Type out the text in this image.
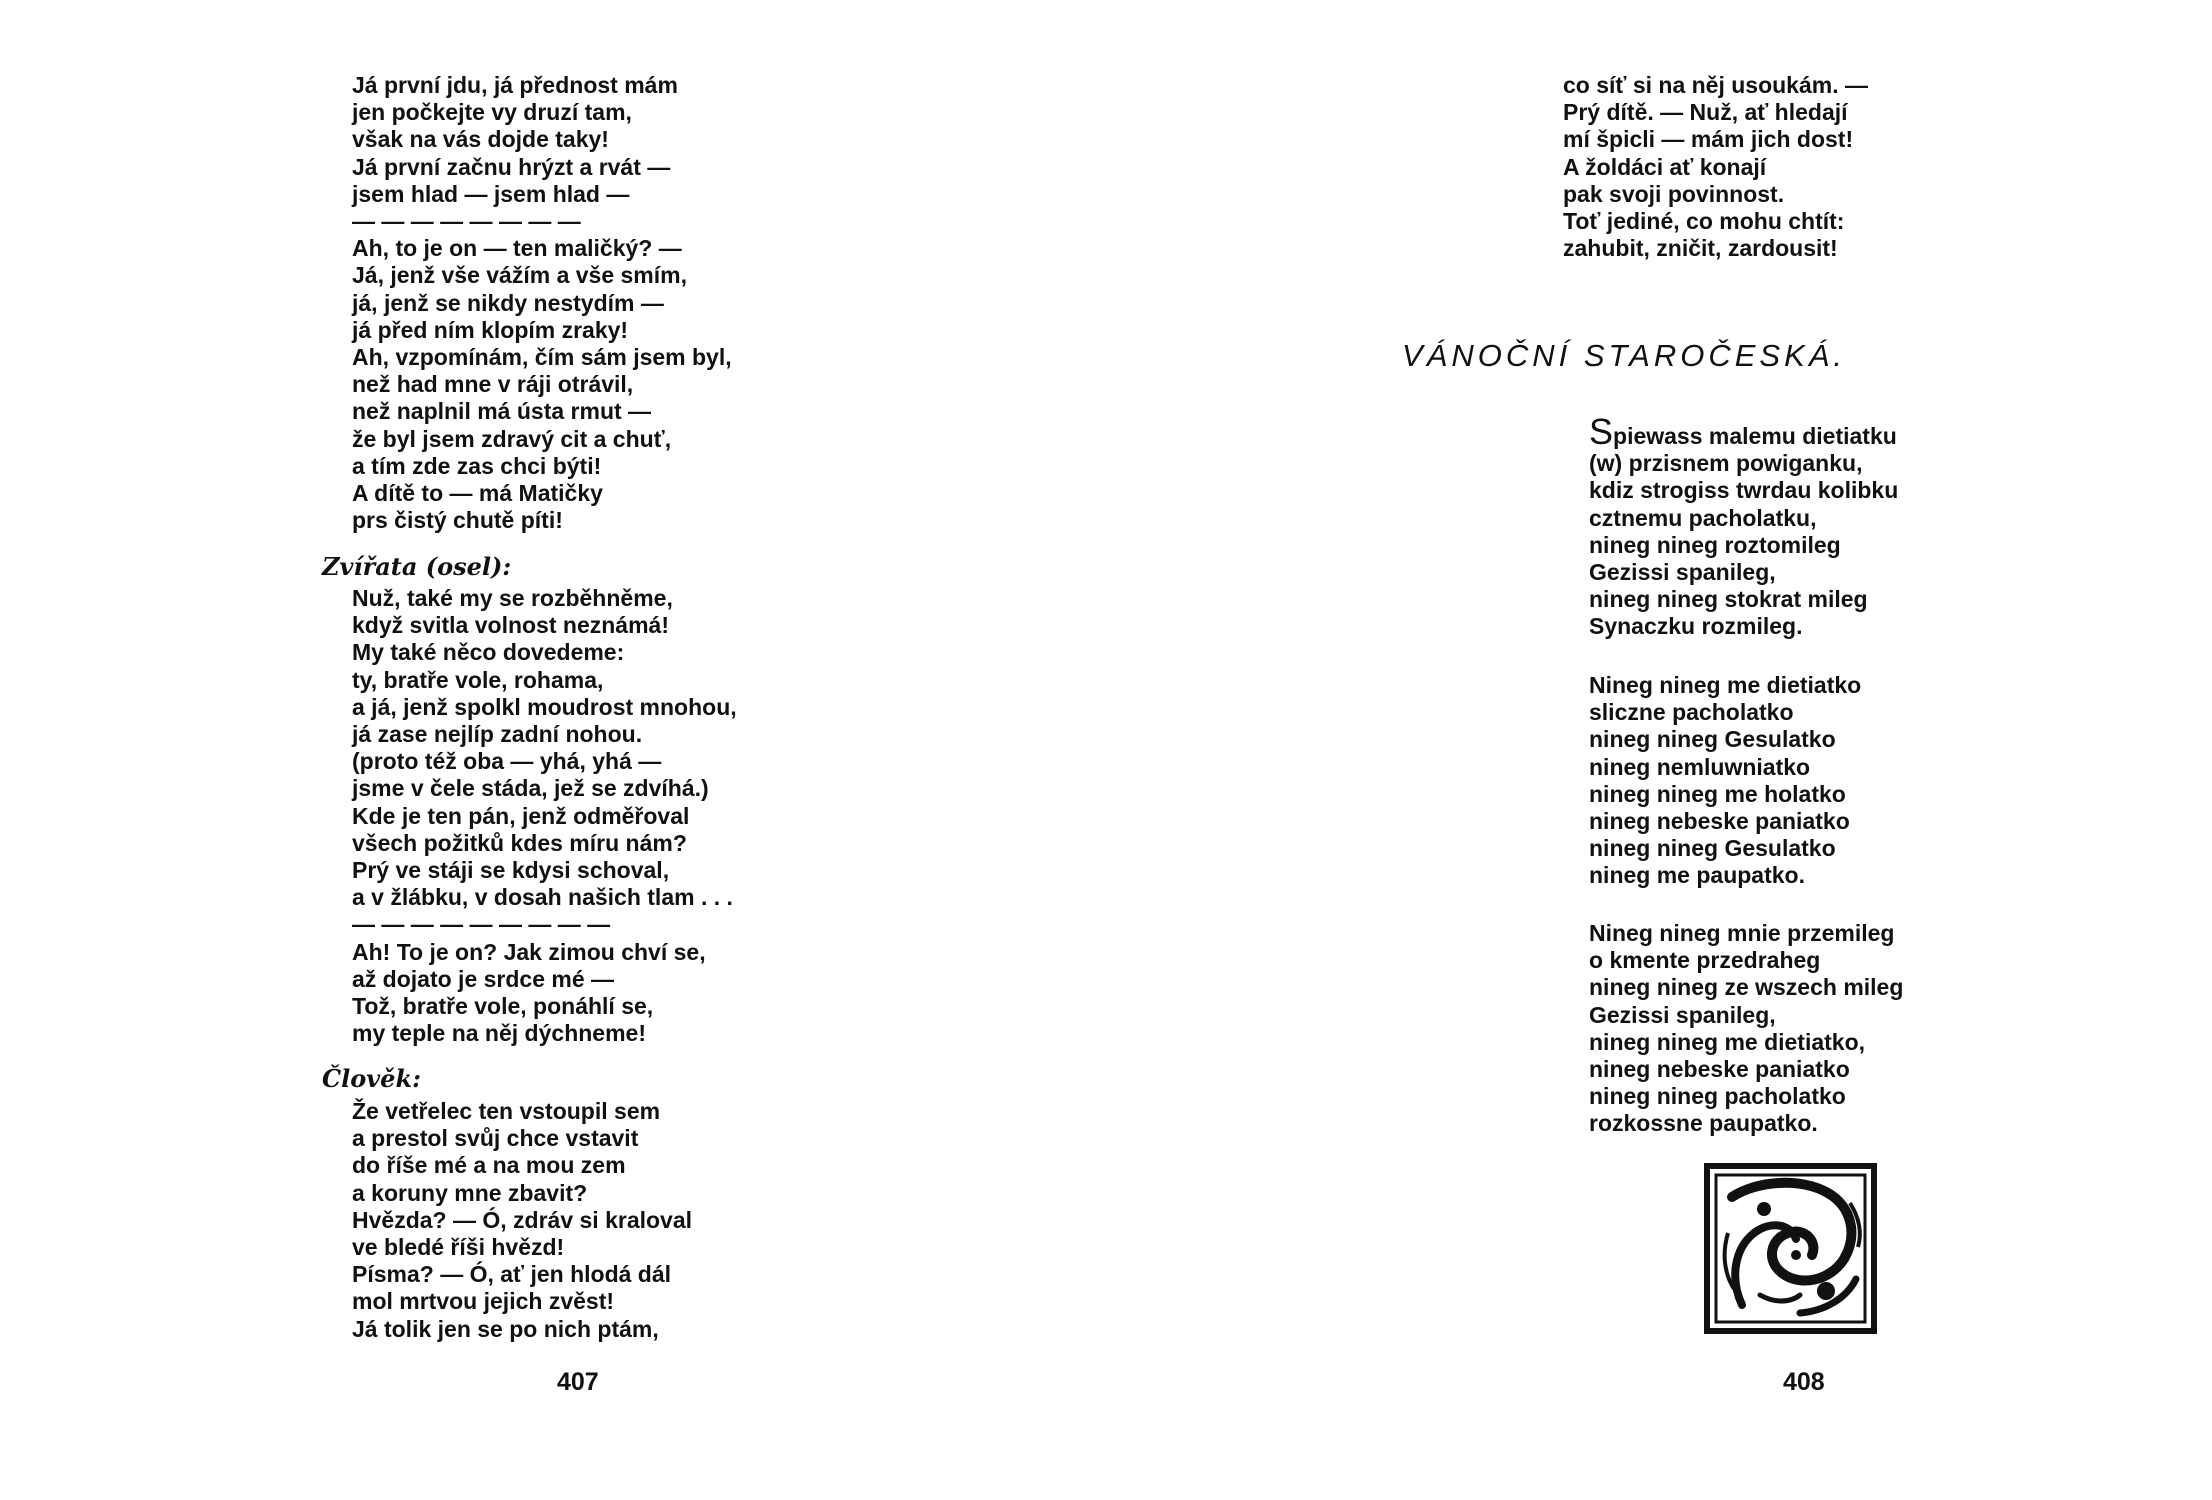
Já první jdu, já přednost mám
jen počkejte vy druzí tam,
však na vás dojde taky!
Já první začnu hrýzt a rvát —
jsem hlad — jsem hlad —
— — — — — — — —
Ah, to je on — ten maličký? —
Já, jenž vše vážím a vše smím,
já, jenž se nikdy nestydím —
já před ním klopím zraky!
Ah, vzpomínám, čím sám jsem byl,
než had mne v ráji otrávil,
než naplnil má ústa rmut —
že byl jsem zdravý cit a chuť,
a tím zde zas chci býti!
A dítě to — má Matičky
prs čistý chutě píti!
Zvířata (osel):
Nuž, také my se rozběhněme,
když svitla volnost neznámá!
My také něco dovedeme:
ty, bratře vole, rohama,
a já, jenž spolkl moudrost mnohou,
já zase nejlíp zadní nohou.
(proto též oba — yhá, yhá —
jsme v čele stáda, jež se zdvíhá.)
Kde je ten pán, jenž odměřoval
všech požitků kdes míru nám?
Prý ve stáji se kdysi schoval,
a v žlábku, v dosah našich tlam . . .
— — — — — — — — —
Ah! To je on? Jak zimou chví se,
až dojato je srdce mé —
Tož, bratře vole, ponáhlí se,
my teple na něj dýchneme!
Člověk:
Že vetřelec ten vstoupil sem
a prestol svůj chce vstavit
do říše mé a na mou zem
a koruny mne zbavit?
Hvězda? — Ó, zdráv si kraloval
ve bledé říši hvězd!
Písma? — Ó, ať jen hlodá dál
mol mrtvou jejich zvěst!
Já tolik jen se po nich ptám,
407
co síť si na něj usoukám. —
Prý dítě. — Nuž, ať hledají
mí špicli — mám jich dost!
A žoldáci ať konají
pak svoji povinnost.
Toť jediné, co mohu chtít:
zahubit, zničit, zardousit!
VÁNOČNÍ STAROČESKÁ.
Spiewass malemu dietiatku
(w) przisnem powiganku,
kdiz strogiss twrdau kolibku
cztnemu pacholatku,
nineg nineg roztomileg
Gezissi spanileg,
nineg nineg stokrat mileg
Synaczku rozmileg.
Nineg nineg me dietiatko
sliczne pacholatko
nineg nineg Gesulatko
nineg nemluwniatko
nineg nineg me holatko
nineg nebeske paniatko
nineg nineg Gesulatko
nineg me paupatko.
Nineg nineg mnie przemileg
o kmente przedraheg
nineg nineg ze wszech mileg
Gezissi spanileg,
nineg nineg me dietiatko,
nineg nebeske paniatko
nineg nineg pacholatko
rozkossne paupatko.
408
